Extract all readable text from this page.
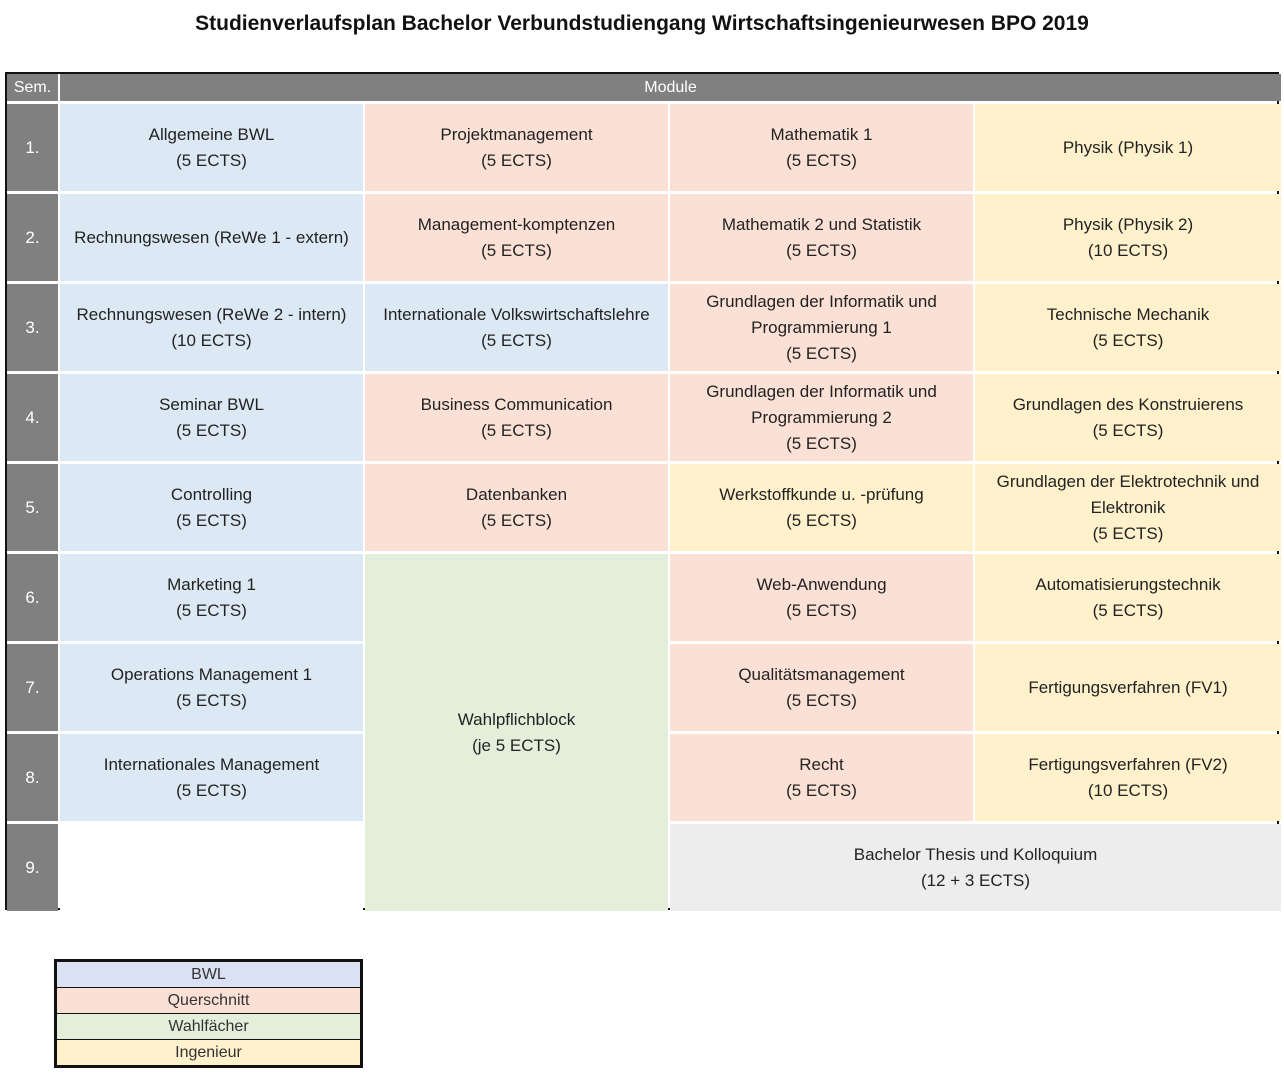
Studienverlaufsplan Bachelor Verbundstudiengang Wirtschaftsingenieurwesen BPO 2019
Sem.	Module
1.
2.
3.
4.
5.
6.
7.
8.
9.
Allgemeine BWL
(5 ECTS)
Projektmanagement
(5 ECTS)
Mathematik 1
(5 ECTS)
Physik (Physik 1)
Rechnungswesen (ReWe 1 - extern)
Management-komptenzen
(5 ECTS)
Mathematik 2 und Statistik
(5 ECTS)
Physik (Physik 2)
(10 ECTS)
Rechnungswesen (ReWe 2 - intern)
(10 ECTS)
Internationale Volkswirtschaftslehre
(5 ECTS)
Grundlagen der Informatik und
Programmierung 1
(5 ECTS)
Technische Mechanik
(5 ECTS)
Seminar BWL
(5 ECTS)
Business Communication
(5 ECTS)
Grundlagen der Informatik und
Programmierung 2
(5 ECTS)
Grundlagen des Konstruierens
(5 ECTS)
Controlling
(5 ECTS)
Datenbanken
(5 ECTS)
Werkstoffkunde u. -prüfung
(5 ECTS)
Grundlagen der Elektrotechnik und
Elektronik
(5 ECTS)
Marketing 1
(5 ECTS)
Wahlpflichblock
(je 5 ECTS)
Web-Anwendung
(5 ECTS)
Automatisierungstechnik
(5 ECTS)
Operations Management 1
(5 ECTS)
Qualitätsmanagement
(5 ECTS)
Fertigungsverfahren (FV1)
Internationales Management
(5 ECTS)
Recht
(5 ECTS)
Fertigungsverfahren (FV2)
(10 ECTS)
Bachelor Thesis und Kolloquium
(12 + 3 ECTS)
BWL
Querschnitt
Wahlfächer
Ingenieur
